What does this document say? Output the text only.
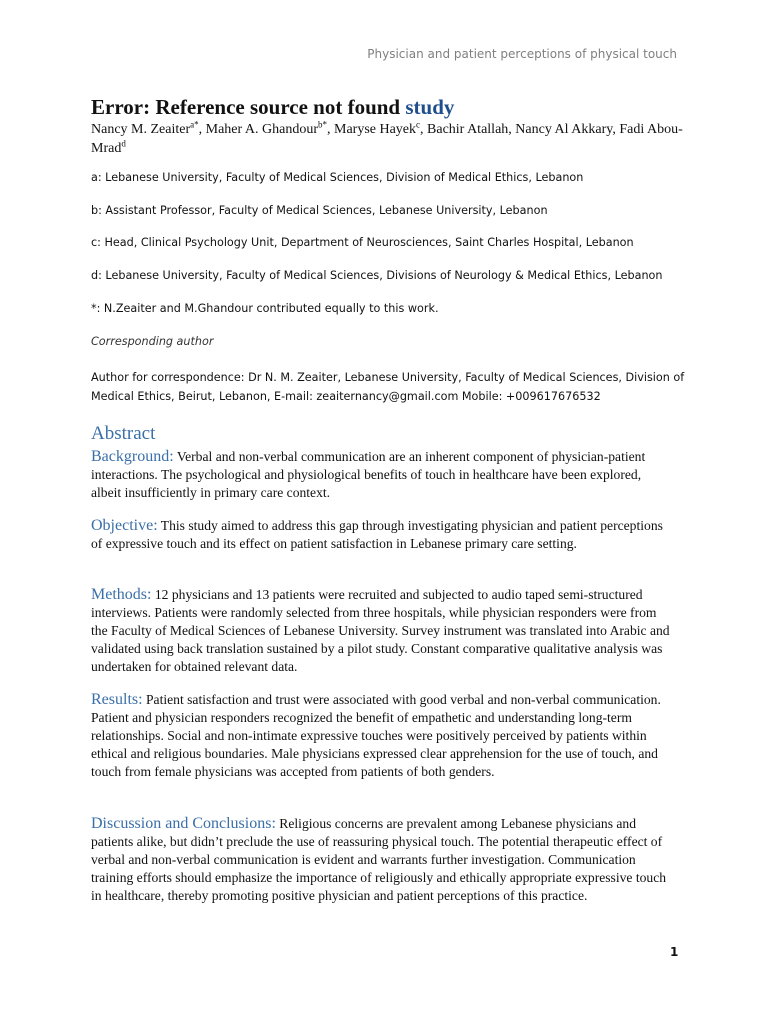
Physician and patient perceptions of physical touch
Error: Reference source not found study
Nancy M. Zeaiter$^{a*}$, Maher A. Ghandour$^{b*}$, Maryse Hayek$^c$, Bachir Atallah, Nancy Al Akkary, Fadi Abou-Mrad$^d$
a: Lebanese University, Faculty of Medical Sciences, Division of Medical Ethics, Lebanon
b: Assistant Professor, Faculty of Medical Sciences, Lebanese University, Lebanon
c: Head, Clinical Psychology Unit, Department of Neurosciences, Saint Charles Hospital, Lebanon
d: Lebanese University, Faculty of Medical Sciences, Divisions of Neurology & Medical Ethics, Lebanon
*: N.Zeaiter and M.Ghandour contributed equally to this work.
Corresponding author
Author for correspondence: Dr N. M. Zeaiter, Lebanese University, Faculty of Medical Sciences, Division of Medical Ethics, Beirut, Lebanon, E-mail: zeaiternancy@gmail.com Mobile: +009617676532
Abstract
Background: Verbal and non-verbal communication are an inherent component of physician-patient interactions. The psychological and physiological benefits of touch in healthcare have been explored, albeit insufficiently in primary care context.
Objective: This study aimed to address this gap through investigating physician and patient perceptions of expressive touch and its effect on patient satisfaction in Lebanese primary care setting.
Methods: 12 physicians and 13 patients were recruited and subjected to audio taped semi-structured interviews. Patients were randomly selected from three hospitals, while physician responders were from the Faculty of Medical Sciences of Lebanese University. Survey instrument was translated into Arabic and validated using back translation sustained by a pilot study. Constant comparative qualitative analysis was undertaken for obtained relevant data.
Results: Patient satisfaction and trust were associated with good verbal and non-verbal communication. Patient and physician responders recognized the benefit of empathetic and understanding long-term relationships. Social and non-intimate expressive touches were positively perceived by patients within ethical and religious boundaries. Male physicians expressed clear apprehension for the use of touch, and touch from female physicians was accepted from patients of both genders.
Discussion and Conclusions: Religious concerns are prevalent among Lebanese physicians and patients alike, but didn’t preclude the use of reassuring physical touch. The potential therapeutic effect of verbal and non-verbal communication is evident and warrants further investigation. Communication training efforts should emphasize the importance of religiously and ethically appropriate expressive touch in healthcare, thereby promoting positive physician and patient perceptions of this practice.
1
